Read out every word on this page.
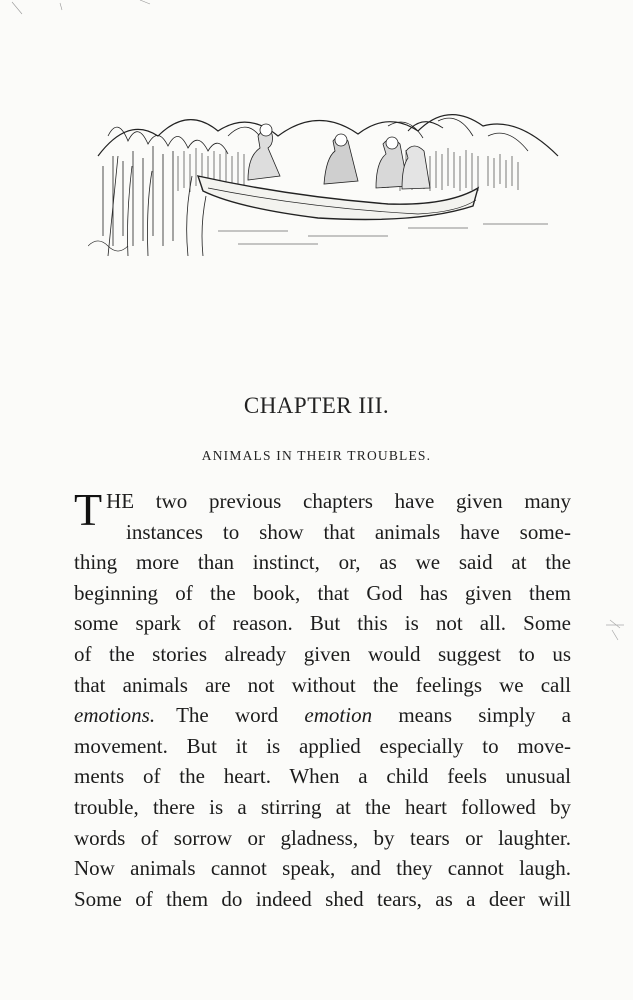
CHAPTER III.
ANIMALS IN THEIR TROUBLES.
T HE two previous chapters have given many
instances to show that animals have some-
thing more than instinct, or, as we said at the
beginning of the book, that God has given them
some spark of reason. But this is not all. Some
of the stories already given would suggest to us
that animals are not without the feelings we call
emotions.  The word emotion means simply a
movement. But it is applied especially to move-
ments of the heart. When a child feels unusual
trouble, there is a stirring at the heart followed by
words of sorrow or gladness, by tears or laughter.
Now animals cannot speak, and they cannot laugh.
Some of them do indeed shed tears, as a deer will
